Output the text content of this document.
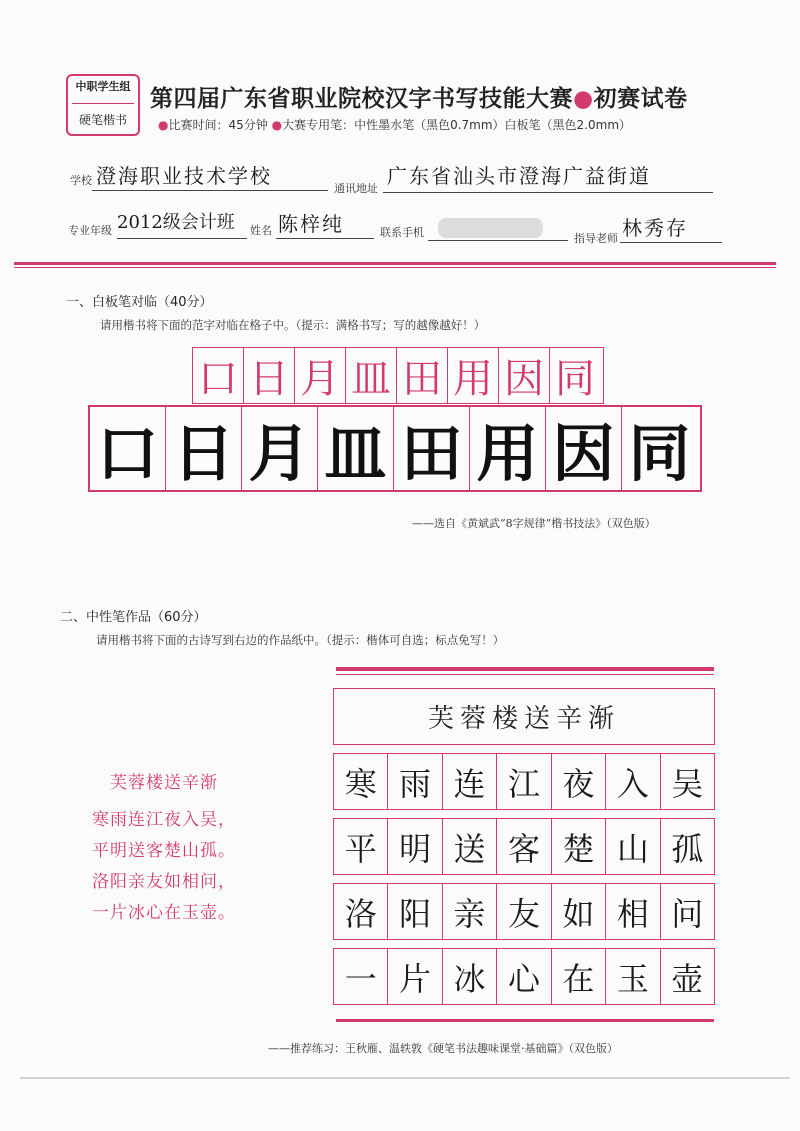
中职学生组
硬笔楷书
第四届广东省职业院校汉字书写技能大赛●初赛试卷
●比赛时间：45分钟 ●大赛专用笔：中性墨水笔（黑色0.7mm）白板笔（黑色2.0mm）
学校 澄海职业技术学校
通讯地址
广东省汕头市澄海广益街道
专业年级 2012级会计班 姓名 陈梓纯	联系手机	指导老师 林秀存
一、白板笔对临（40分）
请用楷书将下面的范字对临在格子中。（提示：满格书写；写的越像越好！）
口 日 月 皿 田 用 因 同
口 日 月 皿 田 用 因 同
——选自《黄斌武“8字规律”楷书技法》（双色版）
二、中性笔作品（60分）
请用楷书将下面的古诗写到右边的作品纸中。（提示：楷体可自选；标点免写！）
芙蓉楼送辛渐
寒雨连江夜入吴，
平明送客楚山孤。
洛阳亲友如相问，
一片冰心在玉壶。
芙蓉楼送辛渐
寒 雨 连 江 夜 入 吴
平 明 送 客 楚 山 孤
洛 阳 亲 友 如 相 问
一 片 冰 心 在 玉 壶
——推荐练习：王秋雁、温轶敦《硬笔书法趣味课堂·基础篇》（双色版）
